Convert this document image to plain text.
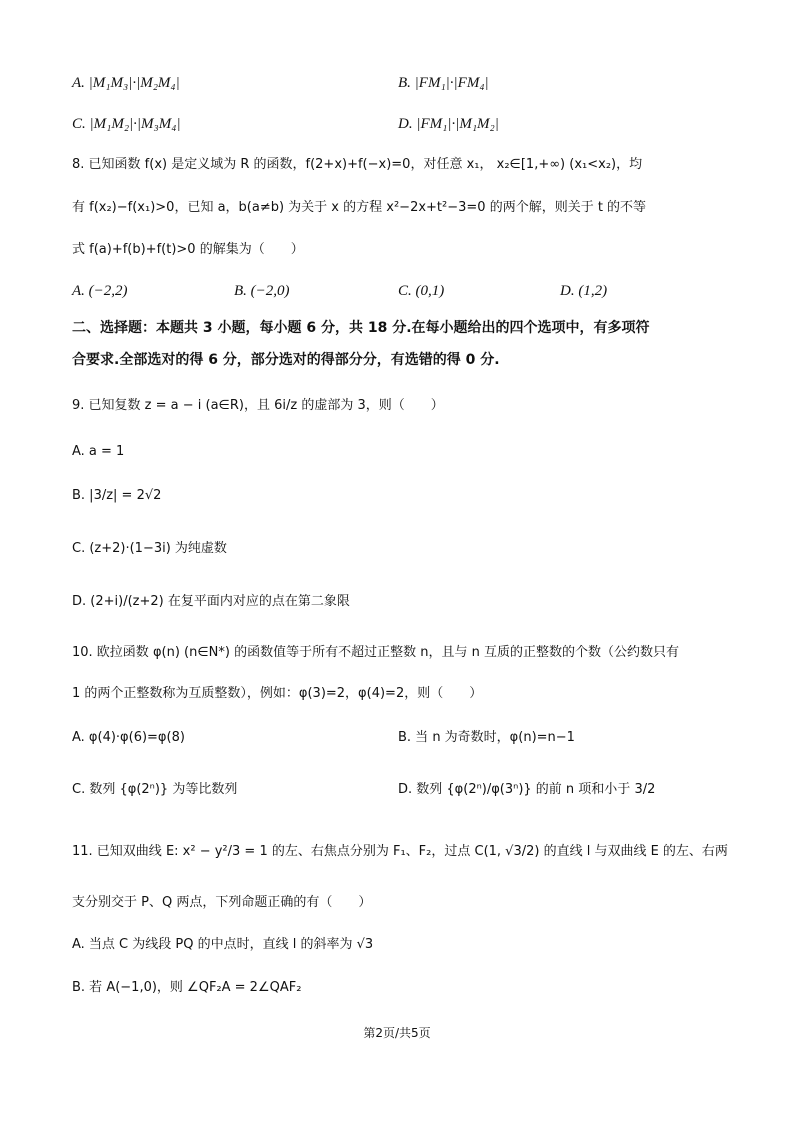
A. |M₁M₃|·|M₂M₄|	B. |FM₁|·|FM₄|
C. |M₁M₂|·|M₃M₄|	D. |FM₁|·|M₁M₂|
8. 已知函数 f(x) 是定义域为 R 的函数，f(2+x)+f(−x)=0，对任意 x₁， x₂∈[1,+∞) (x₁<x₂)，均
有 f(x₂)−f(x₁)>0，已知 a，b(a≠b) 为关于 x 的方程 x²−2x+t²−3=0 的两个解，则关于 t 的不等
式 f(a)+f(b)+f(t)>0 的解集为（　　）
A. (−2,2)	B. (−2,0)	C. (0,1)	D. (1,2)
二、选择题：本题共 3 小题，每小题 6 分，共 18 分.在每小题给出的四个选项中，有多项符
合要求.全部选对的得 6 分，部分选对的得部分分，有选错的得 0 分.
9. 已知复数 z = a − i (a∈R)，且 6i/z 的虚部为 3，则（　　）
A. a = 1
B. |3/z| = 2√2
C. (z+2)·(1−3i) 为纯虚数
D. (2+i)/(z+2) 在复平面内对应的点在第二象限
10. 欧拉函数 φ(n) (n∈N*) 的函数值等于所有不超过正整数 n，且与 n 互质的正整数的个数（公约数只有
1 的两个正整数称为互质整数），例如：φ(3)=2，φ(4)=2，则（　　）
A. φ(4)·φ(6)=φ(8)	B. 当 n 为奇数时，φ(n)=n−1
C. 数列 {φ(2ⁿ)} 为等比数列	D. 数列 {φ(2ⁿ)/φ(3ⁿ)} 的前 n 项和小于 3/2
11. 已知双曲线 E: x² − y²/3 = 1 的左、右焦点分别为 F₁、F₂，过点 C(1, √3/2) 的直线 l 与双曲线 E 的左、右两
支分别交于 P、Q 两点，下列命题正确的有（　　）
A. 当点 C 为线段 PQ 的中点时，直线 l 的斜率为 √3
B. 若 A(−1,0)，则 ∠QF₂A = 2∠QAF₂
第2页/共5页
